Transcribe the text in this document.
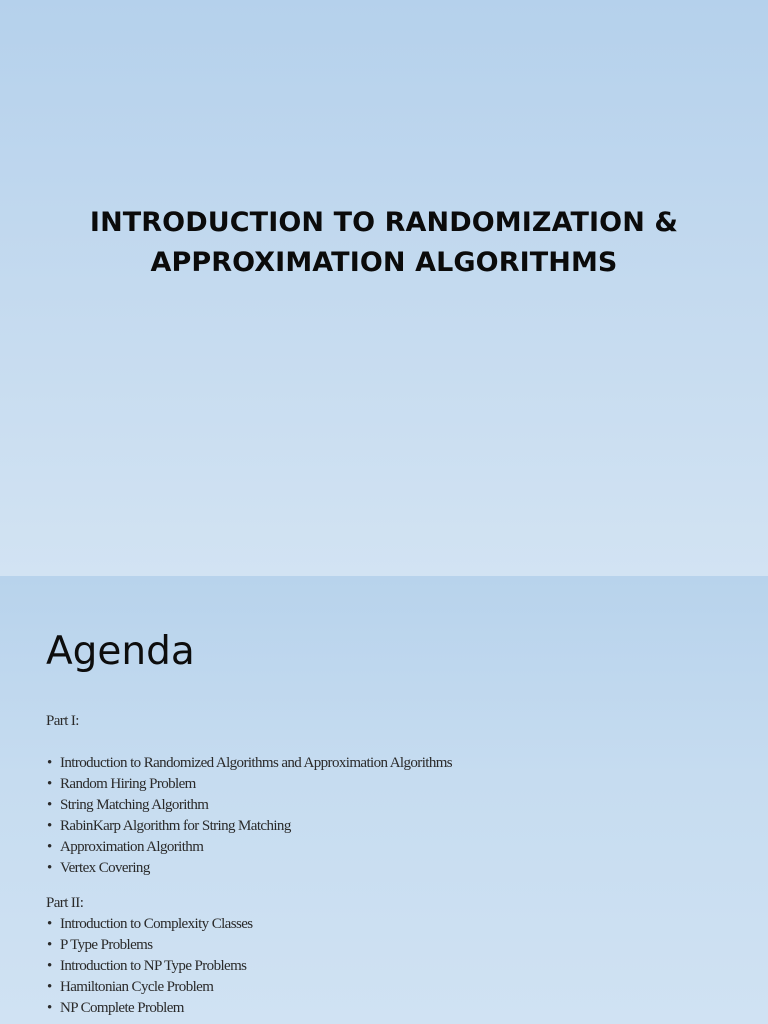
INTRODUCTION TO RANDOMIZATION &
APPROXIMATION ALGORITHMS
Agenda
Part I:
• Introduction to Randomized Algorithms and Approximation Algorithms
• Random Hiring Problem
• String Matching Algorithm
• RabinKarp Algorithm for String Matching
• Approximation Algorithm
• Vertex Covering
Part II:
• Introduction to Complexity Classes
• P Type Problems
• Introduction to NP Type Problems
• Hamiltonian Cycle Problem
• NP Complete Problem
